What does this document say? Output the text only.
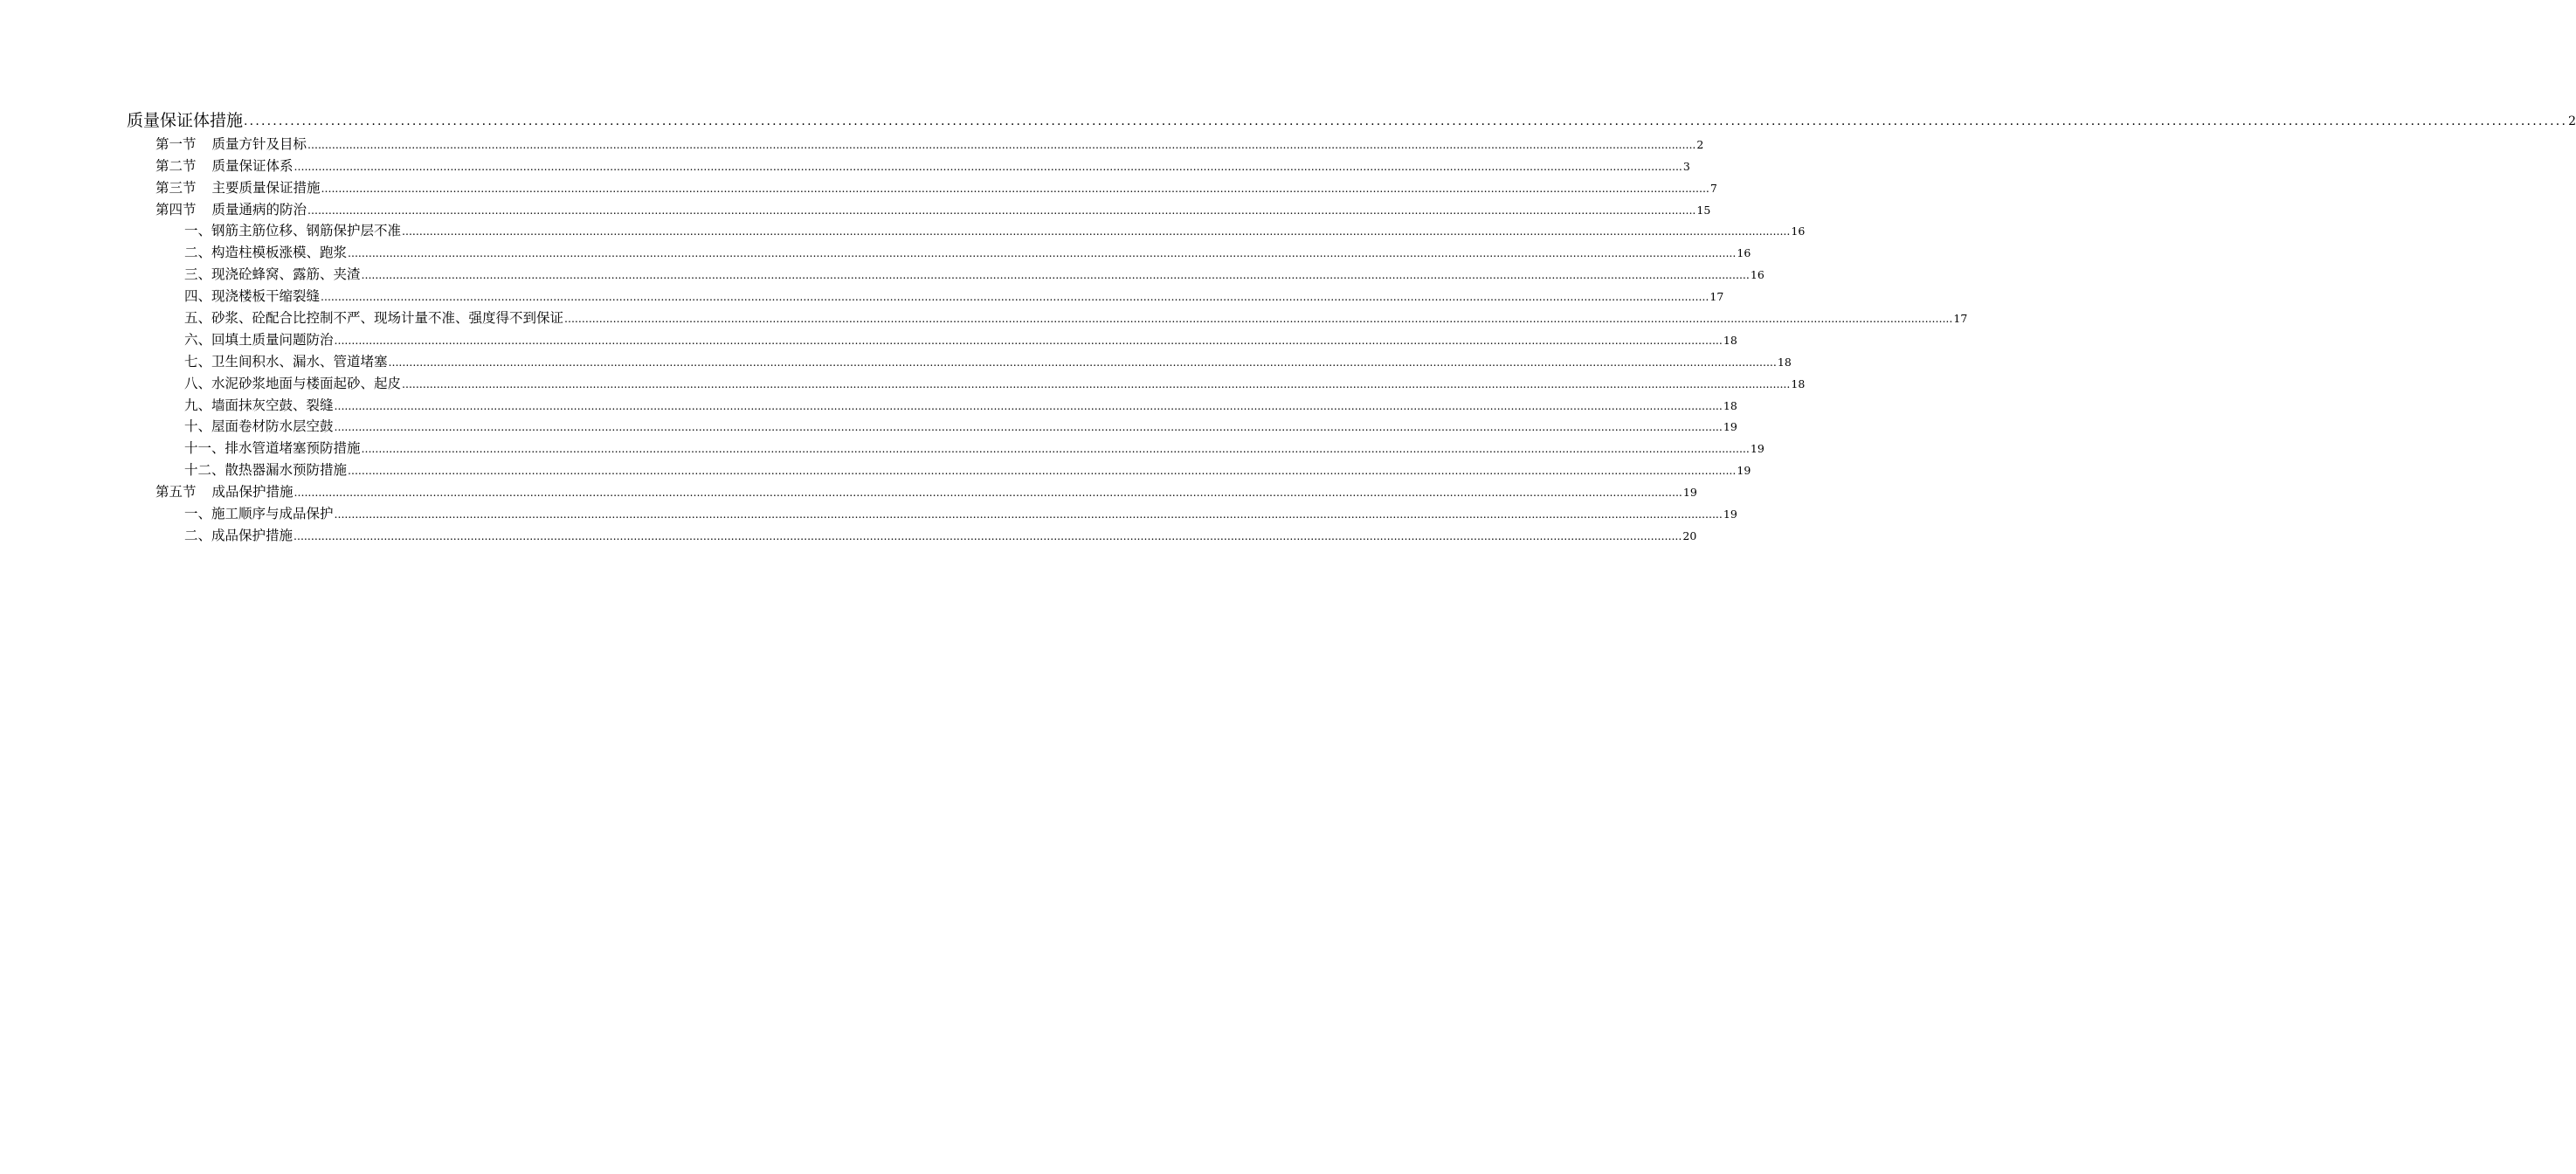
质量保证体措施 ................................................................................................................................................................................................................................................................................................................................................................................................................ 2
第一节 质量方针及目标 ................................................................................................................................................................................................................................................................................................................................................................................................................ 2
第二节 质量保证体系 ................................................................................................................................................................................................................................................................................................................................................................................................................ 3
第三节 主要质量保证措施 ................................................................................................................................................................................................................................................................................................................................................................................................................ 7
第四节 质量通病的防治 ................................................................................................................................................................................................................................................................................................................................................................................................................ 15
一、钢筋主筋位移、钢筋保护层不准 ................................................................................................................................................................................................................................................................................................................................................................................................................ 16
二、构造柱模板涨模、跑浆 ................................................................................................................................................................................................................................................................................................................................................................................................................ 16
三、现浇砼蜂窝、露筋、夹渣 ................................................................................................................................................................................................................................................................................................................................................................................................................ 16
四、现浇楼板干缩裂缝 ................................................................................................................................................................................................................................................................................................................................................................................................................ 17
五、砂浆、砼配合比控制不严、现场计量不准、强度得不到保证 ................................................................................................................................................................................................................................................................................................................................................................................................................ 17
六、回填土质量问题防治 ................................................................................................................................................................................................................................................................................................................................................................................................................ 18
七、卫生间积水、漏水、管道堵塞 ................................................................................................................................................................................................................................................................................................................................................................................................................ 18
八、水泥砂浆地面与楼面起砂、起皮 ................................................................................................................................................................................................................................................................................................................................................................................................................ 18
九、墙面抹灰空鼓、裂缝 ................................................................................................................................................................................................................................................................................................................................................................................................................ 18
十、屋面卷材防水层空鼓 ................................................................................................................................................................................................................................................................................................................................................................................................................ 19
十一、排水管道堵塞预防措施 ................................................................................................................................................................................................................................................................................................................................................................................................................ 19
十二、散热器漏水预防措施 ................................................................................................................................................................................................................................................................................................................................................................................................................ 19
第五节 成品保护措施 ................................................................................................................................................................................................................................................................................................................................................................................................................ 19
一、施工顺序与成品保护 ................................................................................................................................................................................................................................................................................................................................................................................................................ 19
二、成品保护措施 ................................................................................................................................................................................................................................................................................................................................................................................................................ 20
